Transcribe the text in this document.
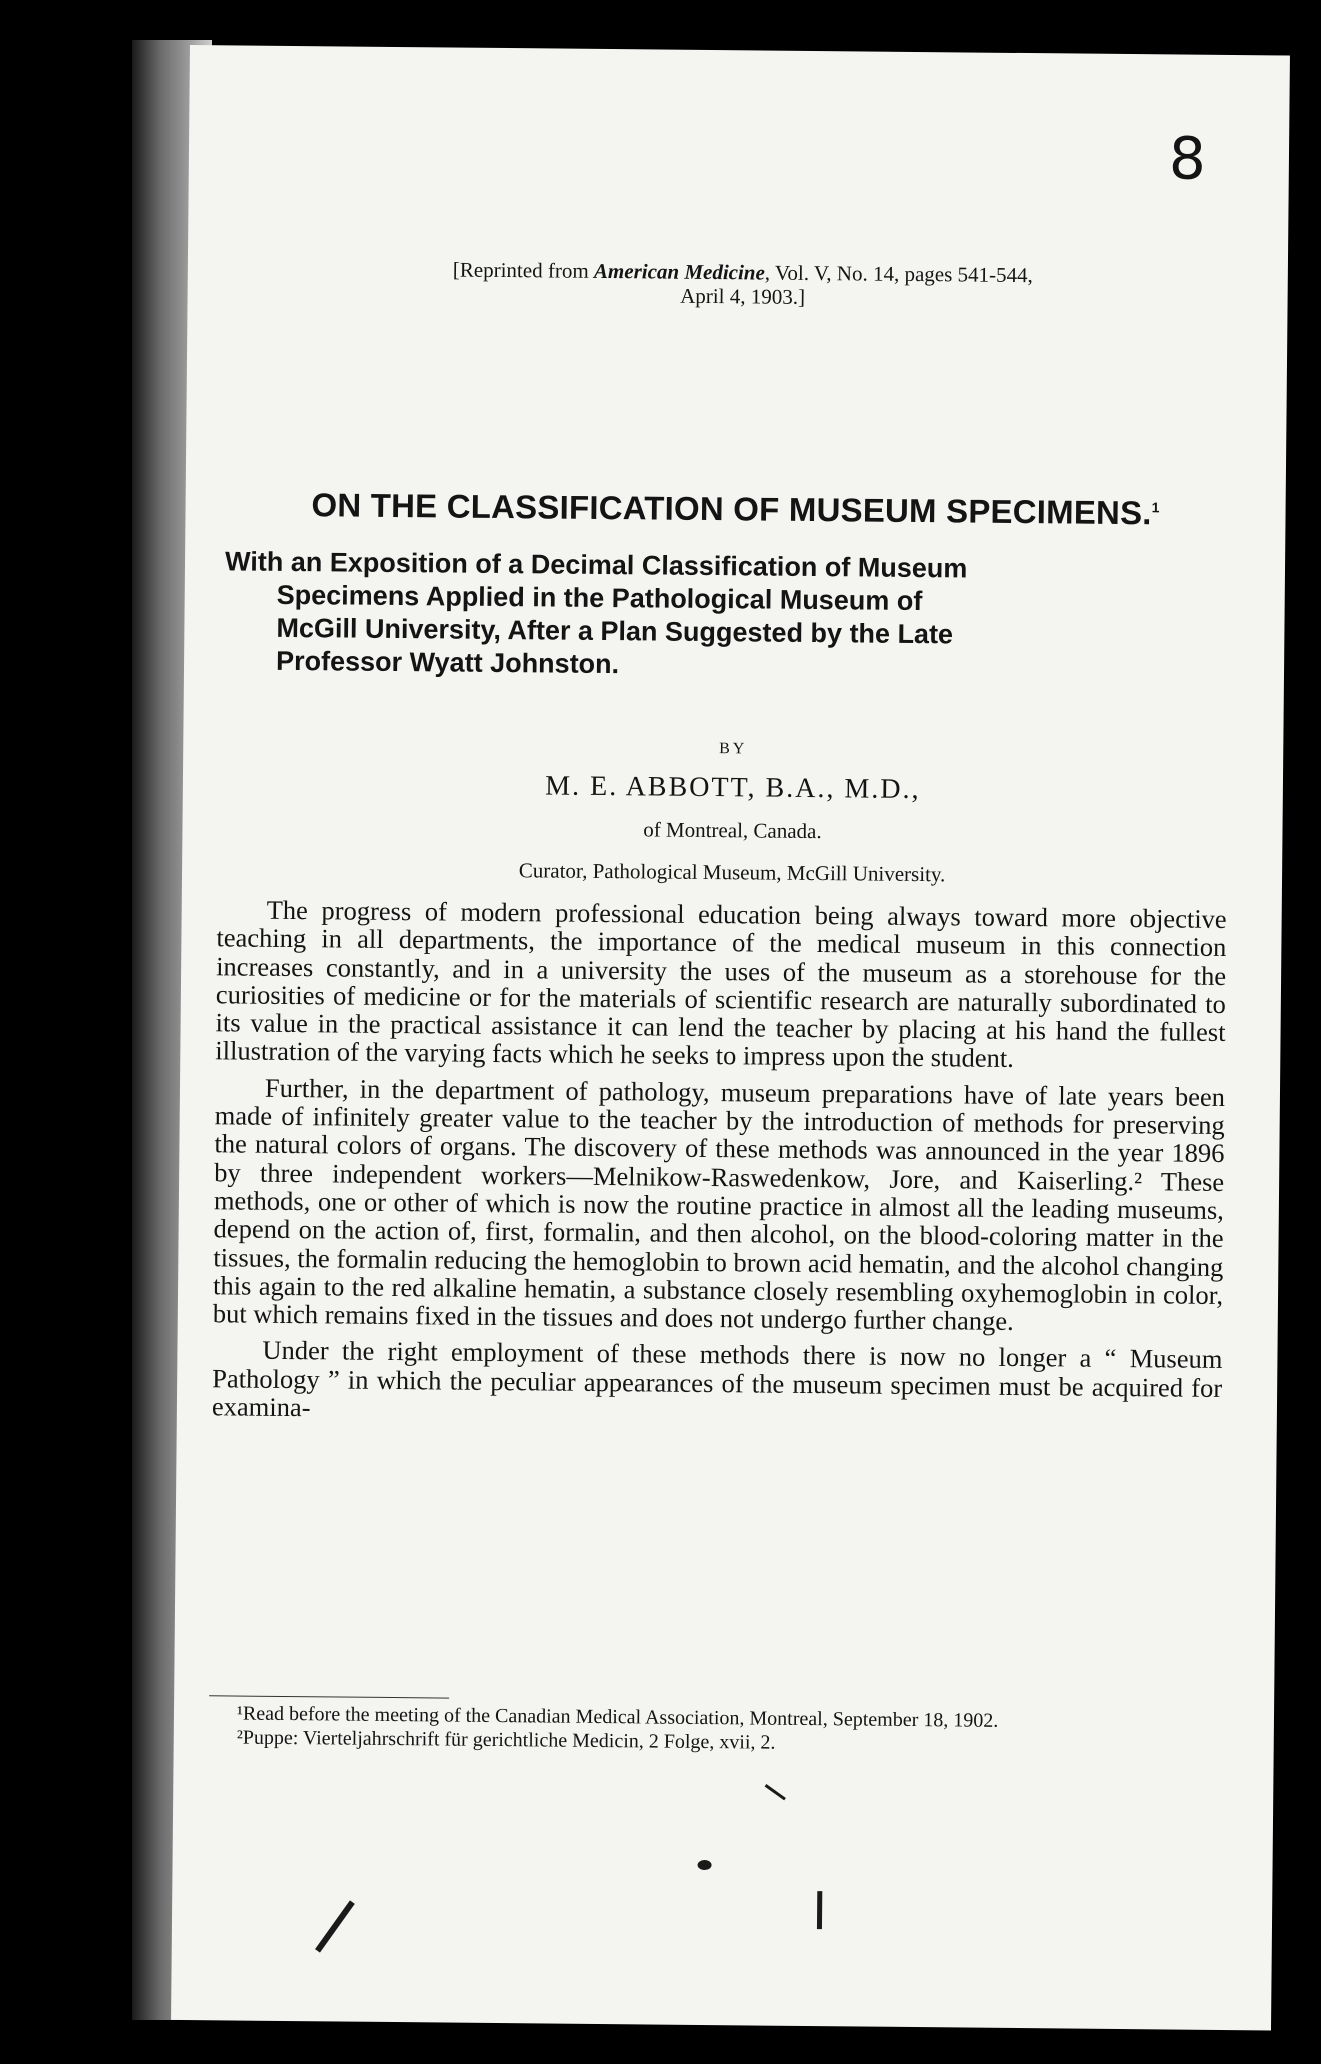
8
[Reprinted from American Medicine, Vol. V, No. 14, pages 541-544,
April 4, 1903.]
ON THE CLASSIFICATION OF MUSEUM SPECIMENS.$^1$
With an Exposition of a Decimal Classification of Museum
Specimens Applied in the Pathological Museum of
McGill University, After a Plan Suggested by the Late
Professor Wyatt Johnston.
BY
M. E. ABBOTT, B.A., M.D.,
of Montreal, Canada.
Curator, Pathological Museum, McGill University.

The progress of modern professional education being always toward more objective teaching in all departments, the importance of the medical museum in this connection increases constantly, and in a university the uses of the museum as a storehouse for the curiosities of medicine or for the materials of scientific research are naturally subordinated to its value in the practical assistance it can lend the teacher by placing at his hand the fullest illustration of the varying facts which he seeks to impress upon the student.

Further, in the department of pathology, museum preparations have of late years been made of infinitely greater value to the teacher by the introduction of methods for preserving the natural colors of organs. The discovery of these methods was announced in the year 1896 by three independent workers—Melnikow-Raswedenkow, Jore, and Kaiserling.² These methods, one or other of which is now the routine practice in almost all the leading museums, depend on the action of, first, formalin, and then alcohol, on the blood-coloring matter in the tissues, the formalin reducing the hemoglobin to brown acid hematin, and the alcohol changing this again to the red alkaline hematin, a substance closely resembling oxyhemoglobin in color, but which remains fixed in the tissues and does not undergo further change.

Under the right employment of these methods there is now no longer a “ Museum Pathology ” in which the peculiar appearances of the museum specimen must be acquired for examina-

¹Read before the meeting of the Canadian Medical Association, Montreal, September 18, 1902.

²Puppe: Vierteljahrschrift für gerichtliche Medicin, 2 Folge, xvii, 2.
